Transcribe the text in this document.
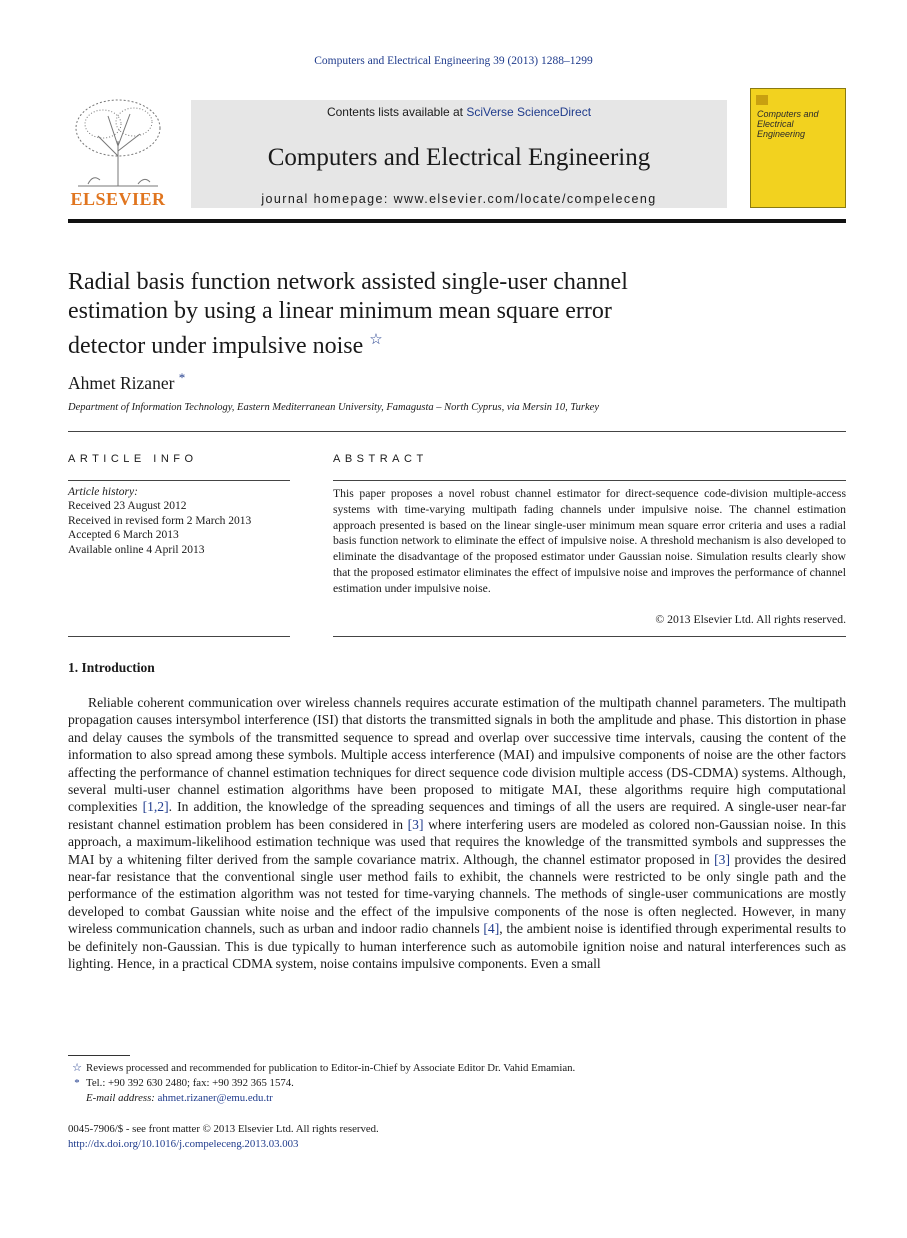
Computers and Electrical Engineering 39 (2013) 1288–1299
ELSEVIER
Contents lists available at SciVerse ScienceDirect
Computers and Electrical Engineering
journal homepage: www.elsevier.com/locate/compeleceng
Computers and Electrical Engineering
Radial basis function network assisted single-user channel
estimation by using a linear minimum mean square error
detector under impulsive noise ☆
Ahmet Rizaner *
Department of Information Technology, Eastern Mediterranean University, Famagusta – North Cyprus, via Mersin 10, Turkey
ARTICLE INFO
Article history:
Received 23 August 2012
Received in revised form 2 March 2013
Accepted 6 March 2013
Available online 4 April 2013
ABSTRACT
This paper proposes a novel robust channel estimator for direct-sequence code-division multiple-access systems with time-varying multipath fading channels under impulsive noise. The channel estimation approach presented is based on the linear single-user minimum mean square error criteria and uses a radial basis function network to eliminate the effect of impulsive noise. A threshold mechanism is also developed to eliminate the disadvantage of the proposed estimator under Gaussian noise. Simulation results clearly show that the proposed estimator eliminates the effect of impulsive noise and improves the performance of channel estimation under impulsive noise.
© 2013 Elsevier Ltd. All rights reserved.
1. Introduction
Reliable coherent communication over wireless channels requires accurate estimation of the multipath channel parameters. The multipath propagation causes intersymbol interference (ISI) that distorts the transmitted signals in both the amplitude and phase. This distortion in phase and delay causes the symbols of the transmitted sequence to spread and overlap over successive time intervals, causing the content of the information to also spread among these symbols. Multiple access interference (MAI) and impulsive components of noise are the other factors affecting the performance of channel estimation techniques for direct sequence code division multiple access (DS-CDMA) systems. Although, several multi-user channel estimation algorithms have been proposed to mitigate MAI, these algorithms require high computational complexities [1,2]. In addition, the knowledge of the spreading sequences and timings of all the users are required. A single-user near-far resistant channel estimation problem has been considered in [3] where interfering users are modeled as colored non-Gaussian noise. In this approach, a maximum-likelihood estimation technique was used that requires the knowledge of the transmitted symbols and suppresses the MAI by a whitening filter derived from the sample covariance matrix. Although, the channel estimator proposed in [3] provides the desired near-far resistance that the conventional single user method fails to exhibit, the channels were restricted to be only single path and the performance of the estimation algorithm was not tested for time-varying channels. The methods of single-user communications are mostly developed to combat Gaussian white noise and the effect of the impulsive components of the nose is often neglected. However, in many wireless communication channels, such as urban and indoor radio channels [4], the ambient noise is identified through experimental results to be definitely non-Gaussian. This is due typically to human interference such as automobile ignition noise and natural interferences such as lighting. Hence, in a practical CDMA system, noise contains impulsive components. Even a small
☆ Reviews processed and recommended for publication to Editor-in-Chief by Associate Editor Dr. Vahid Emamian.
* Tel.: +90 392 630 2480; fax: +90 392 365 1574.
E-mail address: ahmet.rizaner@emu.edu.tr
0045-7906/$ - see front matter © 2013 Elsevier Ltd. All rights reserved.
http://dx.doi.org/10.1016/j.compeleceng.2013.03.003
